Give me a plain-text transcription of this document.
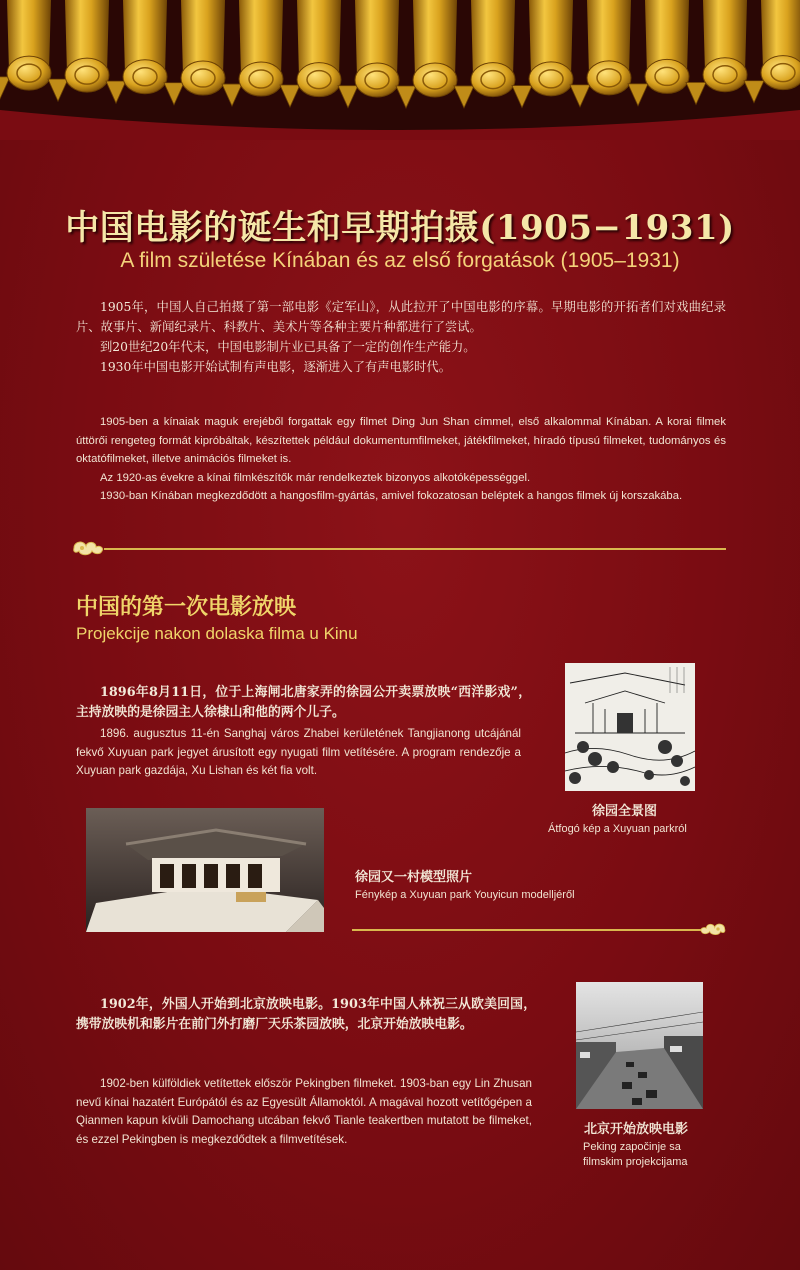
中国电影的诞生和早期拍摄(1905−1931)
A film születése Kínában és az első forgatások (1905–1931)
1905年，中国人自己拍摄了第一部电影《定军山》，从此拉开了中国电影的序幕。早期电影的开拓者们对戏曲纪录片、故事片、新闻纪录片、科教片、美术片等各种主要片种都进行了尝试。
到20世纪20年代末，中国电影制片业已具备了一定的创作生产能力。
1930年中国电影开始试制有声电影，逐渐进入了有声电影时代。
1905-ben a kínaiak maguk erejéből forgattak egy filmet Ding Jun Shan címmel, első alkalommal Kínában. A korai filmek úttörői rengeteg formát kipróbáltak, készítettek például dokumentumfilmeket, játékfilmeket, híradó típusú filmeket, tudományos és oktatófilmeket, illetve animációs filmeket is.
Az 1920-as évekre a kínai filmkészítők már rendelkeztek bizonyos alkotóképességgel.
1930-ban Kínában megkezdődött a hangosfilm-gyártás, amivel fokozatosan beléptek a hangos filmek új korszakába.
中国的第一次电影放映
Projekcije nakon dolaska filma u Kinu
1896年8月11日，位于上海闸北唐家弄的徐园公开卖票放映“西洋影戏”，主持放映的是徐园主人徐棣山和他的两个儿子。
1896. augusztus 11-én Sanghaj város Zhabei kerületének Tangjianong utcájánál fekvő Xuyuan park jegyet árusított egy nyugati film vetítésére. A program rendezője a Xuyuan park gazdája, Xu Lishan és két fia volt.
徐园全景图
Átfogó kép a Xuyuan parkról
徐园又一村模型照片
Fénykép a Xuyuan park Youyicun modelljéről
1902年，外国人开始到北京放映电影。1903年中国人林祝三从欧美回国，携带放映机和影片在前门外打磨厂天乐茶园放映，北京开始放映电影。
1902-ben külföldiek vetítettek először Pekingben filmeket. 1903-ban egy Lin Zhusan nevű kínai hazatért Európától és az Egyesült Államoktól. A magával hozott vetítőgépen a Qianmen kapun kívüli Damochang utcában fekvő Tianle teakertben mutatott be filmeket, és ezzel Pekingben is megkezdődtek a filmvetítések.
北京开始放映电影
Peking započinje sa filmskim projekcijama
